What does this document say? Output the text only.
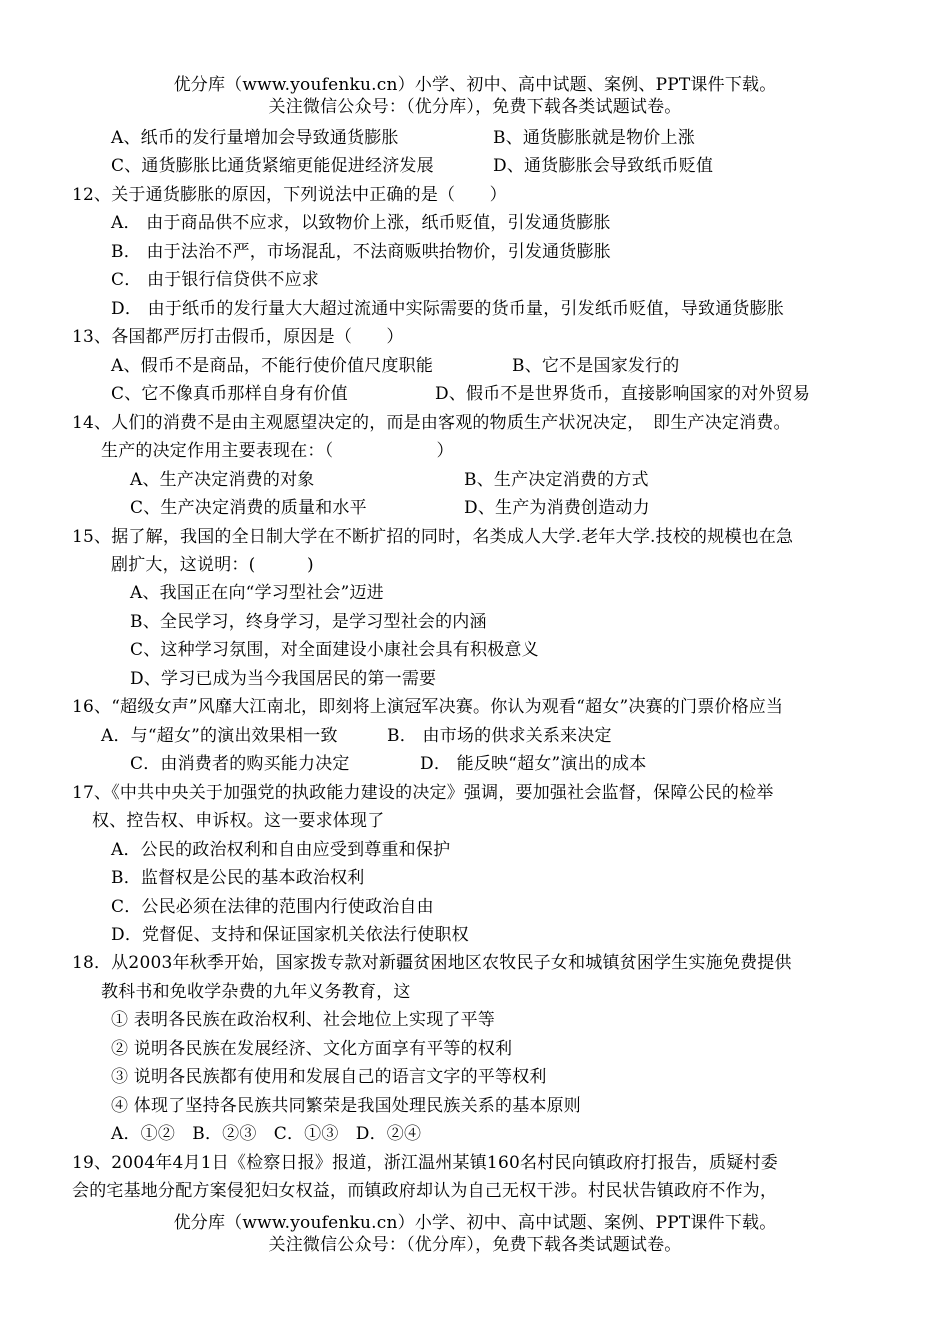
优分库（www.youfenku.cn）小学、初中、高中试题、案例、PPT课件下载。
关注微信公众号：（优分库），免费下载各类试题试卷。
A、纸币的发行量增加会导致通货膨胀	B、通货膨胀就是物价上涨
C、通货膨胀比通货紧缩更能促进经济发展	D、通货膨胀会导致纸币贬值
12、关于通货膨胀的原因，下列说法中正确的是（　　）
A． 由于商品供不应求，以致物价上涨，纸币贬值，引发通货膨胀
B． 由于法治不严，市场混乱，不法商贩哄抬物价，引发通货膨胀
C． 由于银行信贷供不应求
D． 由于纸币的发行量大大超过流通中实际需要的货币量，引发纸币贬值，导致通货膨胀
13、各国都严厉打击假币，原因是（　　）
A、假币不是商品，不能行使价值尺度职能	B、它不是国家发行的
C、它不像真币那样自身有价值	D、假币不是世界货币，直接影响国家的对外贸易
14、人们的消费不是由主观愿望决定的，而是由客观的物质生产状况决定，　即生产决定消费。
生产的决定作用主要表现在：（　　　　　　）
A、生产决定消费的对象	B、生产决定消费的方式
C、生产决定消费的质量和水平	D、生产为消费创造动力
15、据了解，我国的全日制大学在不断扩招的同时，名类成人大学.老年大学.技校的规模也在急
剧扩大，这说明：(　　　)
A、我国正在向“学习型社会”迈进
B、全民学习，终身学习，是学习型社会的内涵
C、这种学习氛围，对全面建设小康社会具有积极意义
D、学习已成为当今我国居民的第一需要
16、“超级女声”风靡大江南北，即刻将上演冠军决赛。你认为观看“超女”决赛的门票价格应当
A．与“超女”的演出效果相一致	B． 由市场的供求关系来决定
C．由消费者的购买能力决定	D． 能反映“超女”演出的成本
17、《中共中央关于加强党的执政能力建设的决定》强调，要加强社会监督，保障公民的检举
权、控告权、申诉权。这一要求体现了
A．公民的政治权利和自由应受到尊重和保护
B．监督权是公民的基本政治权利
C．公民必须在法律的范围内行使政治自由
D．党督促、支持和保证国家机关依法行使职权
18．从2003年秋季开始，国家拨专款对新疆贫困地区农牧民子女和城镇贫困学生实施免费提供
教科书和免收学杂费的九年义务教育，这
① 表明各民族在政治权利、社会地位上实现了平等
② 说明各民族在发展经济、文化方面享有平等的权利
③ 说明各民族都有使用和发展自己的语言文字的平等权利
④ 体现了坚持各民族共同繁荣是我国处理民族关系的基本原则
A．①②　B．②③　C．①③　D．②④
19、2004年4月1日《检察日报》报道，浙江温州某镇160名村民向镇政府打报告，质疑村委
会的宅基地分配方案侵犯妇女权益，而镇政府却认为自己无权干涉。村民状告镇政府不作为，
优分库（www.youfenku.cn）小学、初中、高中试题、案例、PPT课件下载。
关注微信公众号：（优分库），免费下载各类试题试卷。
